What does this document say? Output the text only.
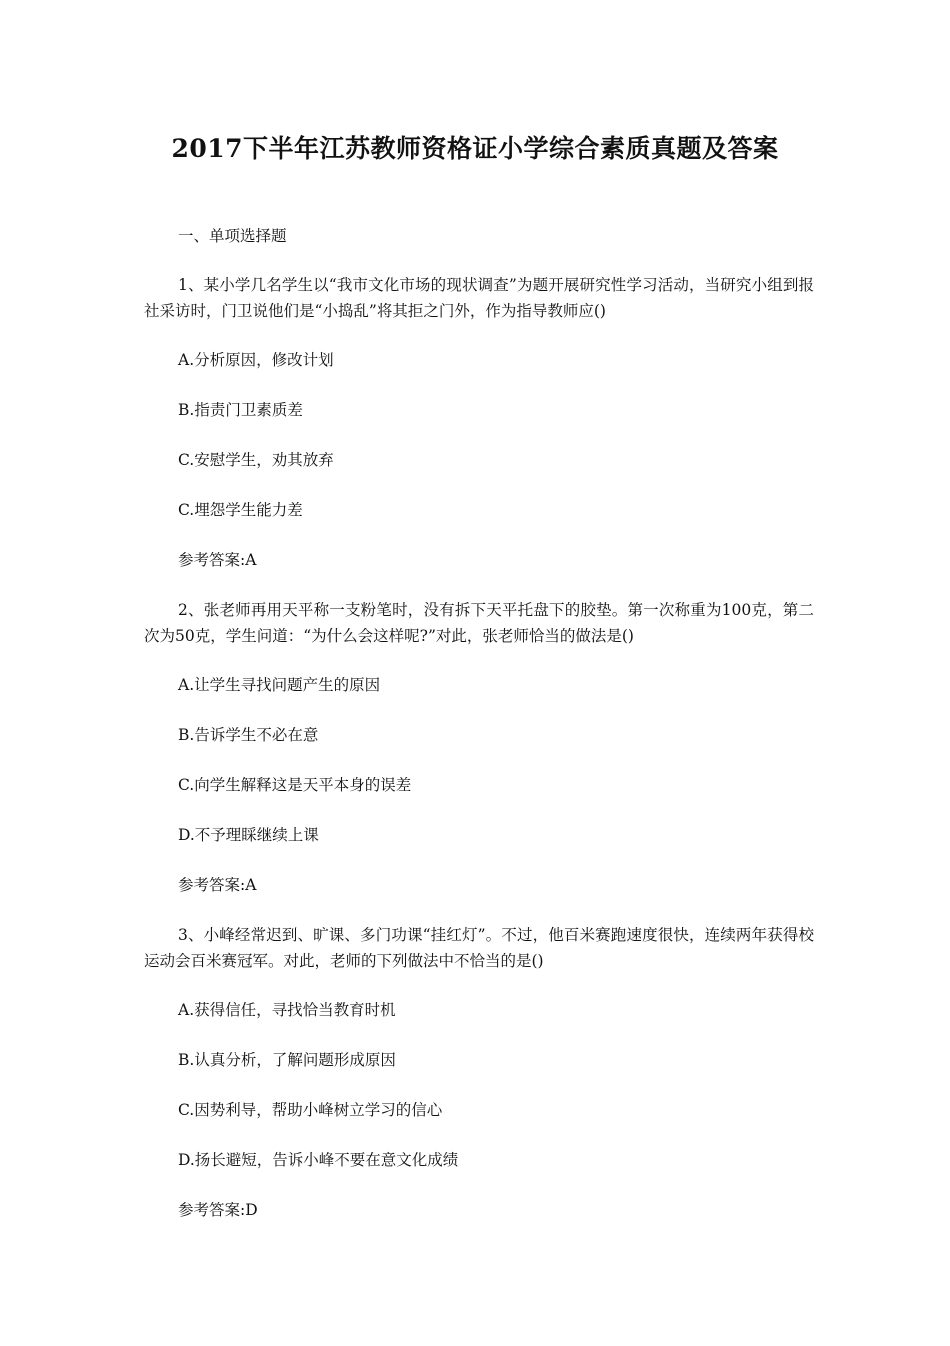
2017下半年江苏教师资格证小学综合素质真题及答案
一、单项选择题
1、某小学几名学生以“我市文化市场的现状调查”为题开展研究性学习活动，当研究小组到报社采访时，门卫说他们是“小捣乱”将其拒之门外，作为指导教师应()
A.分析原因，修改计划
B.指责门卫素质差
C.安慰学生，劝其放弃
C.埋怨学生能力差
参考答案:A
2、张老师再用天平称一支粉笔时，没有拆下天平托盘下的胶垫。第一次称重为100克，第二次为50克，学生问道：“为什么会这样呢?”对此，张老师恰当的做法是()
A.让学生寻找问题产生的原因
B.告诉学生不必在意
C.向学生解释这是天平本身的误差
D.不予理睬继续上课
参考答案:A
3、小峰经常迟到、旷课、多门功课“挂红灯”。不过，他百米赛跑速度很快，连续两年获得校运动会百米赛冠军。对此，老师的下列做法中不恰当的是()
A.获得信任，寻找恰当教育时机
B.认真分析，了解问题形成原因
C.因势利导，帮助小峰树立学习的信心
D.扬长避短，告诉小峰不要在意文化成绩
参考答案:D
